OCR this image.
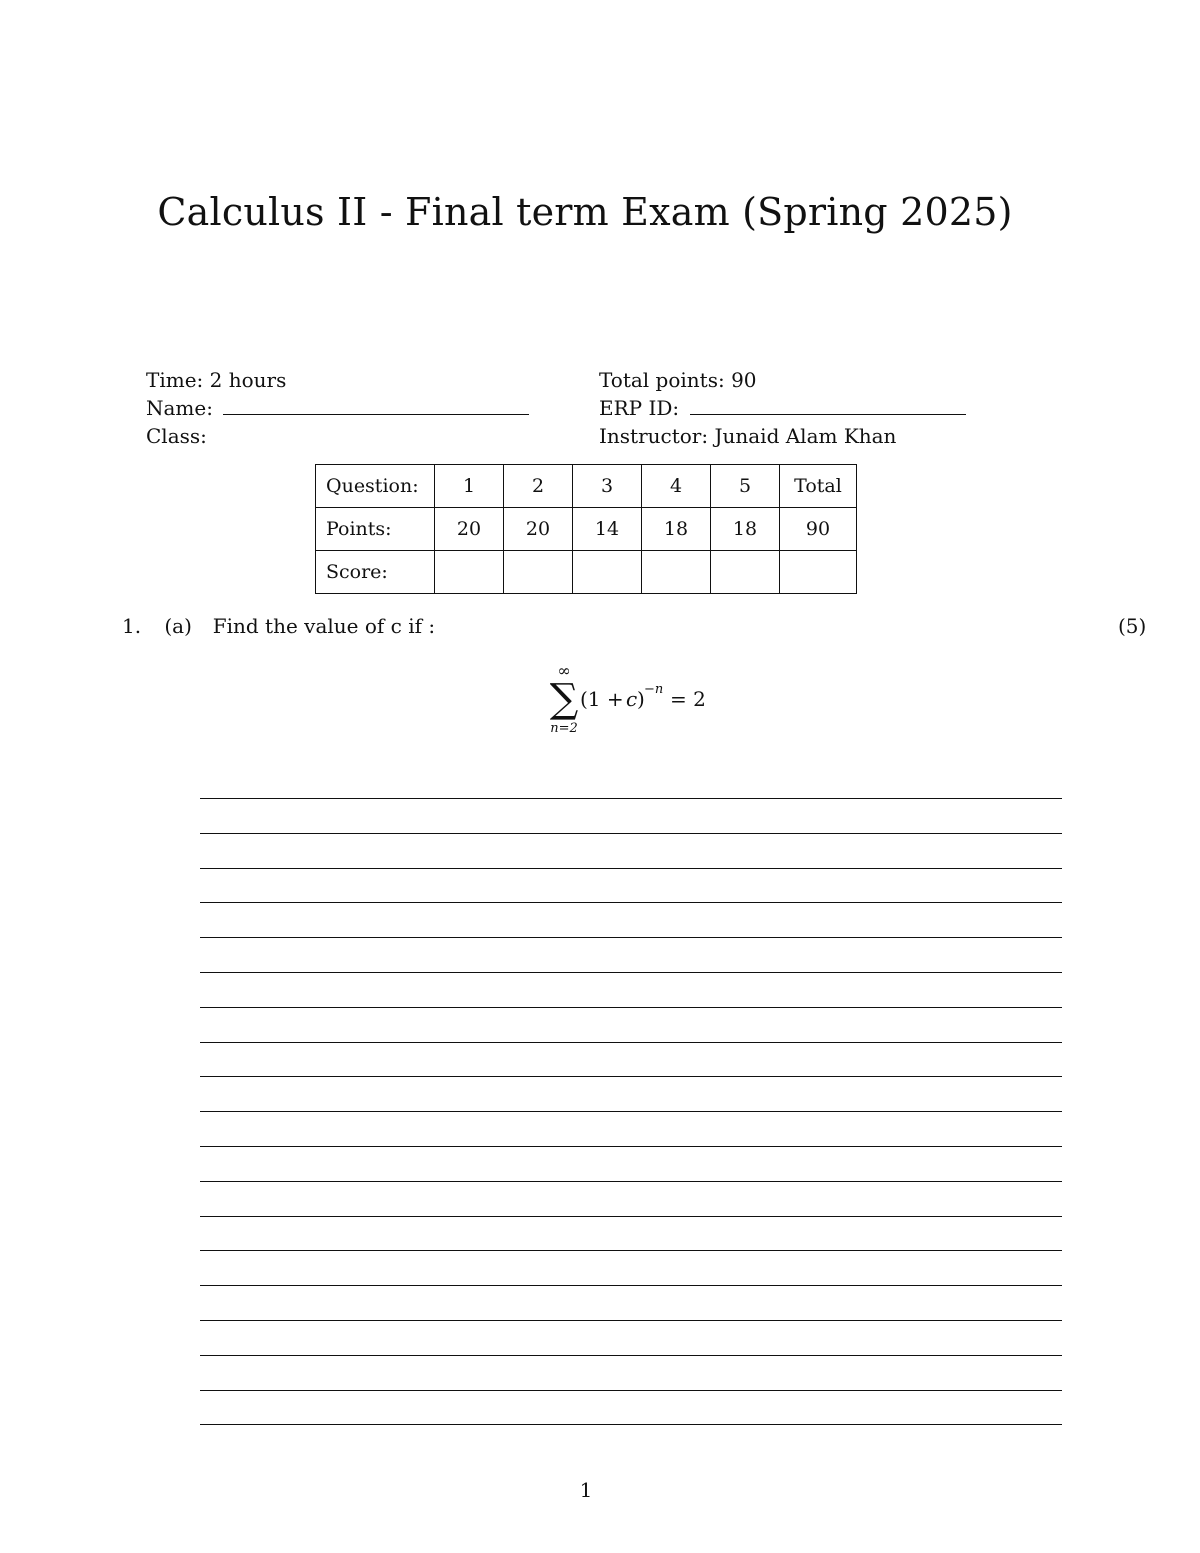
Calculus II - Final term Exam (Spring 2025)
Time: 2 hours
Name:
Class:
Total points: 90
ERP ID:
Instructor: Junaid Alam Khan
Question:	1	2	3	4	5	Total
Points:	20	20	14	18	18	90
Score:						
1. (a) Find the value of c if :	(5)
∞
∑
n=2
(1 + c ) −n = 2
1
